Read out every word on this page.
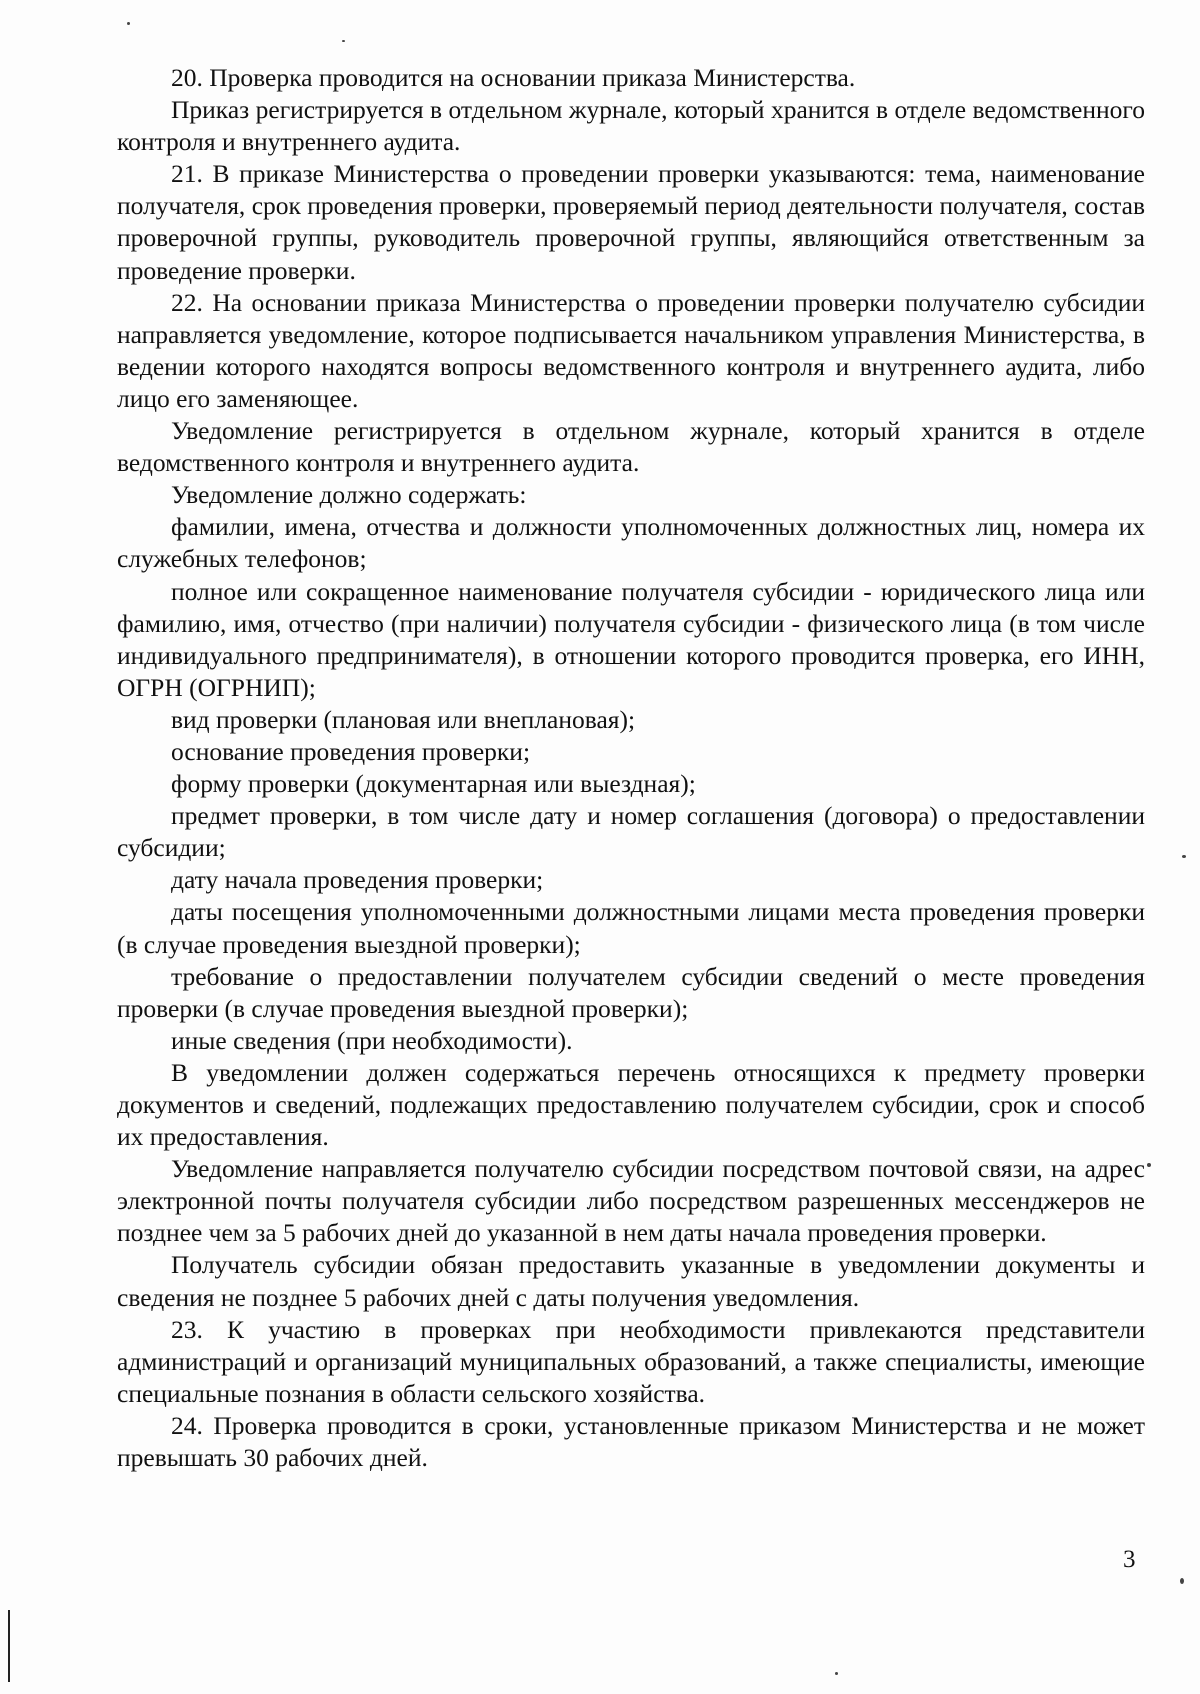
20. Проверка проводится на основании приказа Министерства.

Приказ регистрируется в отдельном журнале, который хранится в отделе ведомственного контроля и внутреннего аудита.

21. В приказе Министерства о проведении проверки указываются: тема, наименование получателя, срок проведения проверки, проверяемый период деятельности получателя, состав проверочной группы, руководитель проверочной группы, являющийся ответственным за проведение проверки.

22. На основании приказа Министерства о проведении проверки получателю субсидии направляется уведомление, которое подписывается начальником управления Министерства, в ведении которого находятся вопросы ведомственного контроля и внутреннего аудита, либо лицо его заменяющее.

Уведомление регистрируется в отдельном журнале, который хранится в отделе ведомственного контроля и внутреннего аудита.

Уведомление должно содержать:

фамилии, имена, отчества и должности уполномоченных должностных лиц, номера их служебных телефонов;

полное или сокращенное наименование получателя субсидии - юридического лица или фамилию, имя, отчество (при наличии) получателя субсидии - физического лица (в том числе индивидуального предпринимателя), в отношении которого проводится проверка, его ИНН, ОГРН (ОГРНИП);

вид проверки (плановая или внеплановая);

основание проведения проверки;

форму проверки (документарная или выездная);

предмет проверки, в том числе дату и номер соглашения (договора) о предоставлении субсидии;

дату начала проведения проверки;

даты посещения уполномоченными должностными лицами места проведения проверки (в случае проведения выездной проверки);

требование о предоставлении получателем субсидии сведений о месте проведения проверки (в случае проведения выездной проверки);

иные сведения (при необходимости).

В уведомлении должен содержаться перечень относящихся к предмету проверки документов и сведений, подлежащих предоставлению получателем субсидии, срок и способ их предоставления.

Уведомление направляется получателю субсидии посредством почтовой связи, на адрес электронной почты получателя субсидии либо посредством разрешенных мессенджеров не позднее чем за 5 рабочих дней до указанной в нем даты начала проведения проверки.

Получатель субсидии обязан предоставить указанные в уведомлении документы и сведения не позднее 5 рабочих дней с даты получения уведомления.

23. К участию в проверках при необходимости привлекаются представители администраций и организаций муниципальных образований, а также специалисты, имеющие специальные познания в области сельского хозяйства.

24. Проверка проводится в сроки, установленные приказом Министерства и не может превышать 30 рабочих дней.

3
